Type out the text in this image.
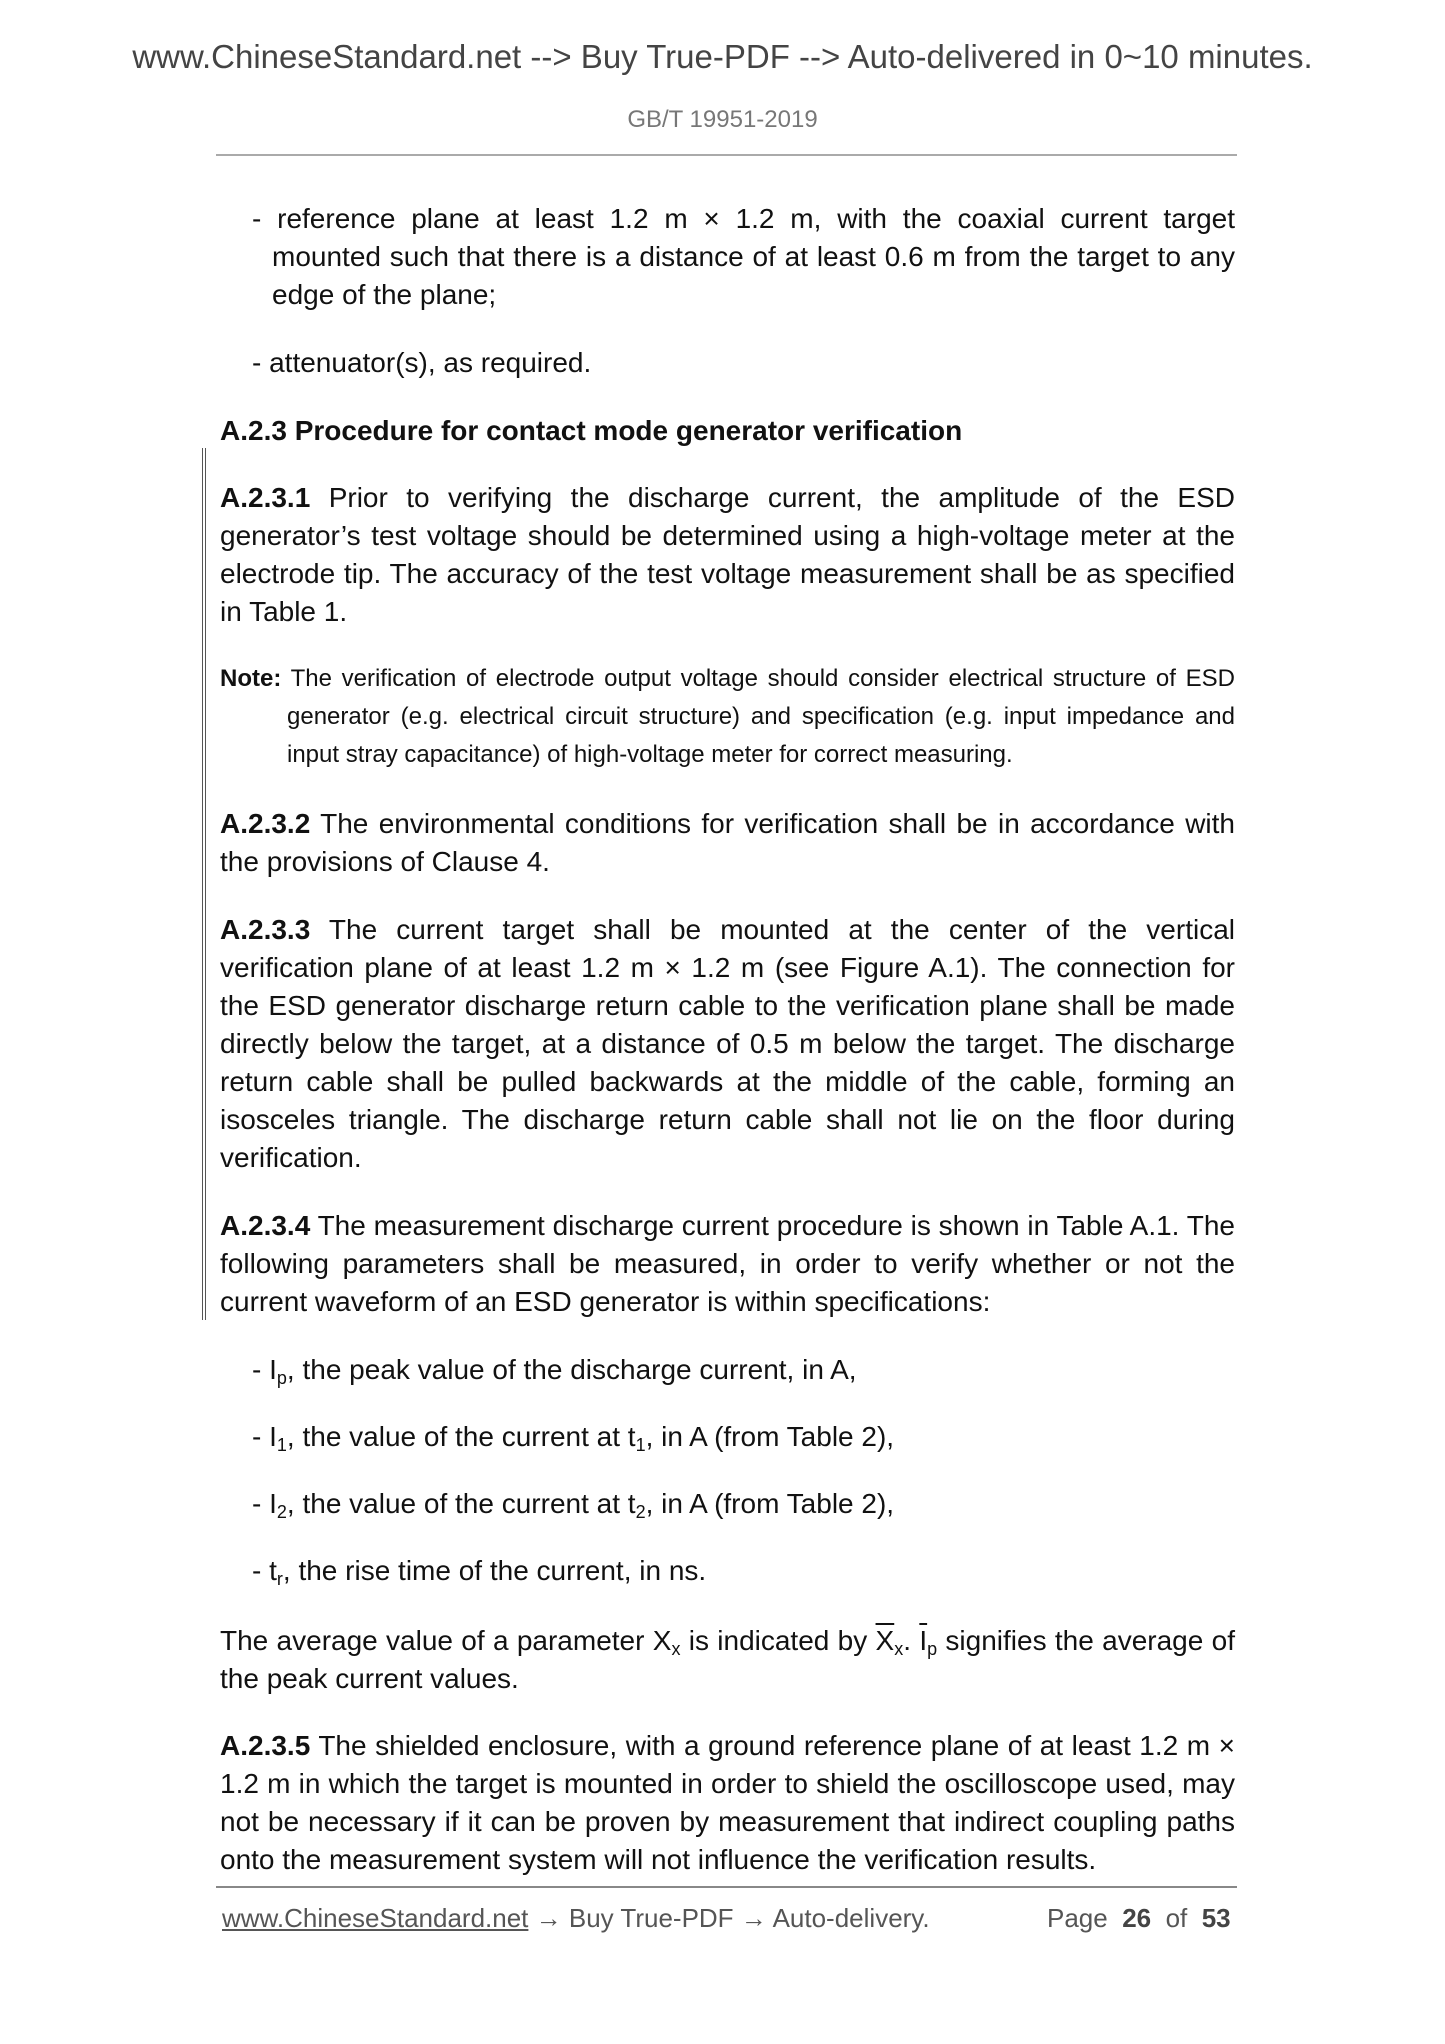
www.ChineseStandard.net --> Buy True-PDF --> Auto-delivered in 0~10 minutes.
GB/T 19951-2019
- reference plane at least 1.2 m × 1.2 m, with the coaxial current target mounted such that there is a distance of at least 0.6 m from the target to any edge of the plane;
- attenuator(s), as required.
A.2.3 Procedure for contact mode generator verification
A.2.3.1 Prior to verifying the discharge current, the amplitude of the ESD generator’s test voltage should be determined using a high-voltage meter at the electrode tip. The accuracy of the test voltage measurement shall be as specified in Table 1.
Note: The verification of electrode output voltage should consider electrical structure of ESD generator (e.g. electrical circuit structure) and specification (e.g. input impedance and input stray capacitance) of high-voltage meter for correct measuring.
A.2.3.2 The environmental conditions for verification shall be in accordance with the provisions of Clause 4.
A.2.3.3 The current target shall be mounted at the center of the vertical verification plane of at least 1.2 m × 1.2 m (see Figure A.1). The connection for the ESD generator discharge return cable to the verification plane shall be made directly below the target, at a distance of 0.5 m below the target. The discharge return cable shall be pulled backwards at the middle of the cable, forming an isosceles triangle. The discharge return cable shall not lie on the floor during verification.
A.2.3.4 The measurement discharge current procedure is shown in Table A.1. The following parameters shall be measured, in order to verify whether or not the current waveform of an ESD generator is within specifications:
- $I_p$, the peak value of the discharge current, in A,
- $I_1$, the value of the current at $t_1$, in A (from Table 2),
- $I_2$, the value of the current at $t_2$, in A (from Table 2),
- $t_r$, the rise time of the current, in ns.
The average value of a parameter $X_x$ is indicated by $\overline{X}_x$. $\overline{I}_p$ signifies the average of the peak current values.
A.2.3.5 The shielded enclosure, with a ground reference plane of at least 1.2 m × 1.2 m in which the target is mounted in order to shield the oscilloscope used, may not be necessary if it can be proven by measurement that indirect coupling paths onto the measurement system will not influence the verification results.
www.ChineseStandard.net → Buy True-PDF → Auto-delivery.	Page 26 of 53
